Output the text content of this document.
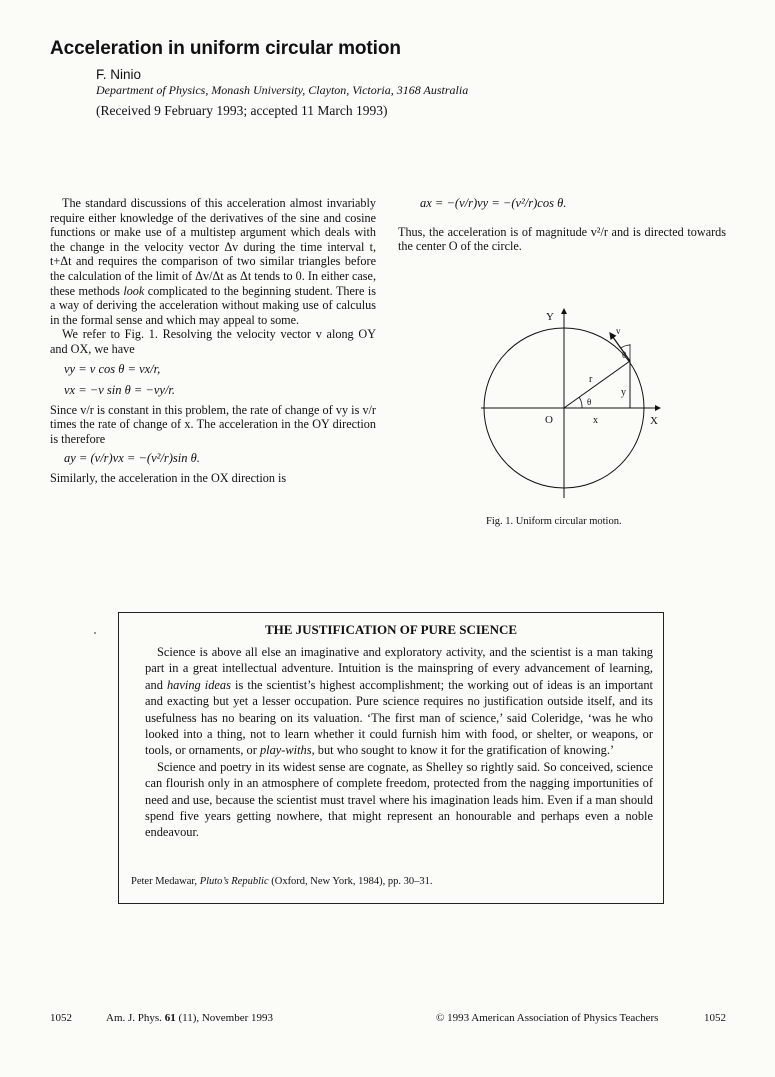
Acceleration in uniform circular motion
F. Ninio
Department of Physics, Monash University, Clayton, Victoria, 3168 Australia
(Received 9 February 1993; accepted 11 March 1993)

The standard discussions of this acceleration almost invariably require either knowledge of the derivatives of the sine and cosine functions or make use of a multistep argument which deals with the change in the velocity vector Δv during the time interval t, t+Δt and requires the comparison of two similar triangles before the calculation of the limit of Δv/Δt as Δt tends to 0. In either case, these methods look complicated to the beginning student. There is a way of deriving the acceleration without making use of calculus in the formal sense and which may appeal to some.

We refer to Fig. 1. Resolving the velocity vector v along OY and OX, we have

vy = v cos θ = vx/r,

vx = −v sin θ = −vy/r.

Since v/r is constant in this problem, the rate of change of vy is v/r times the rate of change of x. The acceleration in the OY direction is therefore

ay = (v/r)vx = −(v²/r)sin θ.

Similarly, the acceleration in the OX direction is

ax = −(v/r)vy = −(v²/r)cos θ.

Thus, the acceleration is of magnitude v²/r and is directed towards the center O of the circle.

Y
X
O	x
y
r
θ
θ
v
Fig. 1. Uniform circular motion.
THE JUSTIFICATION OF PURE SCIENCE

Science is above all else an imaginative and exploratory activity, and the scientist is a man taking part in a great intellectual adventure. Intuition is the mainspring of every advancement of learning, and having ideas is the scientist’s highest accomplishment; the working out of ideas is an important and exacting but yet a lesser occupation. Pure science requires no justification outside itself, and its usefulness has no bearing on its valuation. ‘The first man of science,’ said Coleridge, ‘was he who looked into a thing, not to learn whether it could furnish him with food, or shelter, or weapons, or tools, or ornaments, or play-withs, but who sought to know it for the gratification of knowing.’

Science and poetry in its widest sense are cognate, as Shelley so rightly said. So conceived, science can flourish only in an atmosphere of complete freedom, protected from the nagging importunities of need and use, because the scientist must travel where his imagination leads him. Even if a man should spend five years getting nowhere, that might represent an honourable and perhaps even a noble endeavour.

Peter Medawar, Pluto’s Republic (Oxford, New York, 1984), pp. 30–31.
1052	Am. J. Phys. 61 (11), November 1993	© 1993 American Association of Physics Teachers	1052
